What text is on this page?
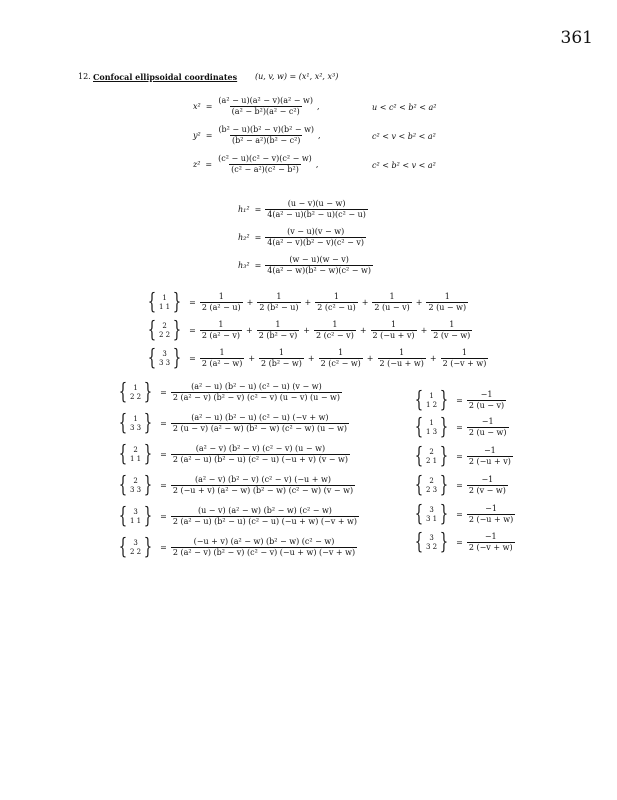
361
12. Confocal ellipsoidal coordinates (u, v, w) = (x¹, x², x³)
$x^2 = \frac{\text{(a² − u)(a² − v)(a² − w)}}{\text{(a² − b²)(a² − c²)}}$ ,	u < c² < b² < a²
$y^2 = \frac{\text{(b² − u)(b² − v)(b² − w)}}{\text{(b² − a²)(b² − c²)}}$ ,	c² < v < b² < a²
$z^2 = \frac{\text{(c² − u)(c² − v)(c² − w)}}{\text{(c² − a²)(c² − b²)}}$ ,	c² < b² < v < a²
$h_1^2 = \frac{(u - v)(u - w)}{\text{4(a² − u)(b² − u)(c² − u)}}$
$h_2^2 = \frac{(v - u)(v - w)}{\text{4(a² − v)(b² − v)(c² − v)}}$
$h_3^2 = \frac{(w - u)(w - v)}{\text{4(a² − w)(b² − w)(c² − w)}}$
{ 1
1 1 } = $\frac{1}{\text{2 (a² − u)}} + \frac{1}{\text{2 (b² − u)}} + \frac{1}{\text{2 (c² − u)}} + \frac{1}{2 (u - v)} + \frac{1}{2 (u - w)}$
{ 2
2 2 } = $\frac{1}{\text{2 (a² − v)}} + \frac{1}{\text{2 (b² − v)}} + \frac{1}{\text{2 (c² − v)}} + \frac{1}{2 (-u + v)} + \frac{1}{2 (v - w)}$
{ 3
3 3 } = $\frac{1}{\text{2 (a² − w)}} + \frac{1}{\text{2 (b² − w)}} + \frac{1}{\text{2 (c² − w)}} + \frac{1}{2 (-u + w)} + \frac{1}{2 (-v + w)}$
{ 1
2 2 } = $\frac{\text{(a² − u) (b² − u) (c² − u) (v − w)}}{\text{2 (a² − v) (b² − v) (c² − v) (u − v) (u − w)}}$
{ 1
3 3 } = $\frac{\text{(a² − u) (b² − u) (c² − u) (−v + w)}}{\text{2 (u − v) (a² − w) (b² − w) (c² − w) (u − w)}}$
{ 2
1 1 } = $\frac{\text{(a² − v) (b² − v) (c² − v) (u − w)}}{\text{2 (a² − u) (b² − u) (c² − u) (−u + v) (v − w)}}$
{ 2
3 3 } = $\frac{\text{(a² − v) (b² − v) (c² − v) (−u + w)}}{\text{2 (−u + v) (a² − w) (b² − w) (c² − w) (v − w)}}$
{ 3
1 1 } = $\frac{\text{(u − v) (a² − w) (b² − w) (c² − w)}}{\text{2 (a² − u) (b² − u) (c² − u) (−u + w) (−v + w)}}$
{ 3
2 2 } = $\frac{\text{(−u + v) (a² − w) (b² − w) (c² − w)}}{\text{2 (a² − v) (b² − v) (c² − v) (−u + w) (−v + w)}}$
{ 1
1 2 } = $\frac{-1}{2 (u - v)}$
{ 1
1 3 } = $\frac{-1}{2 (u - w)}$
{ 2
2 1 } = $\frac{-1}{2 (-u + v)}$
{ 2
2 3 } = $\frac{-1}{2 (v - w)}$
{ 3
3 1 } = $\frac{-1}{2 (-u + w)}$
{ 3
3 2 } = $\frac{-1}{2 (-v + w)}$
